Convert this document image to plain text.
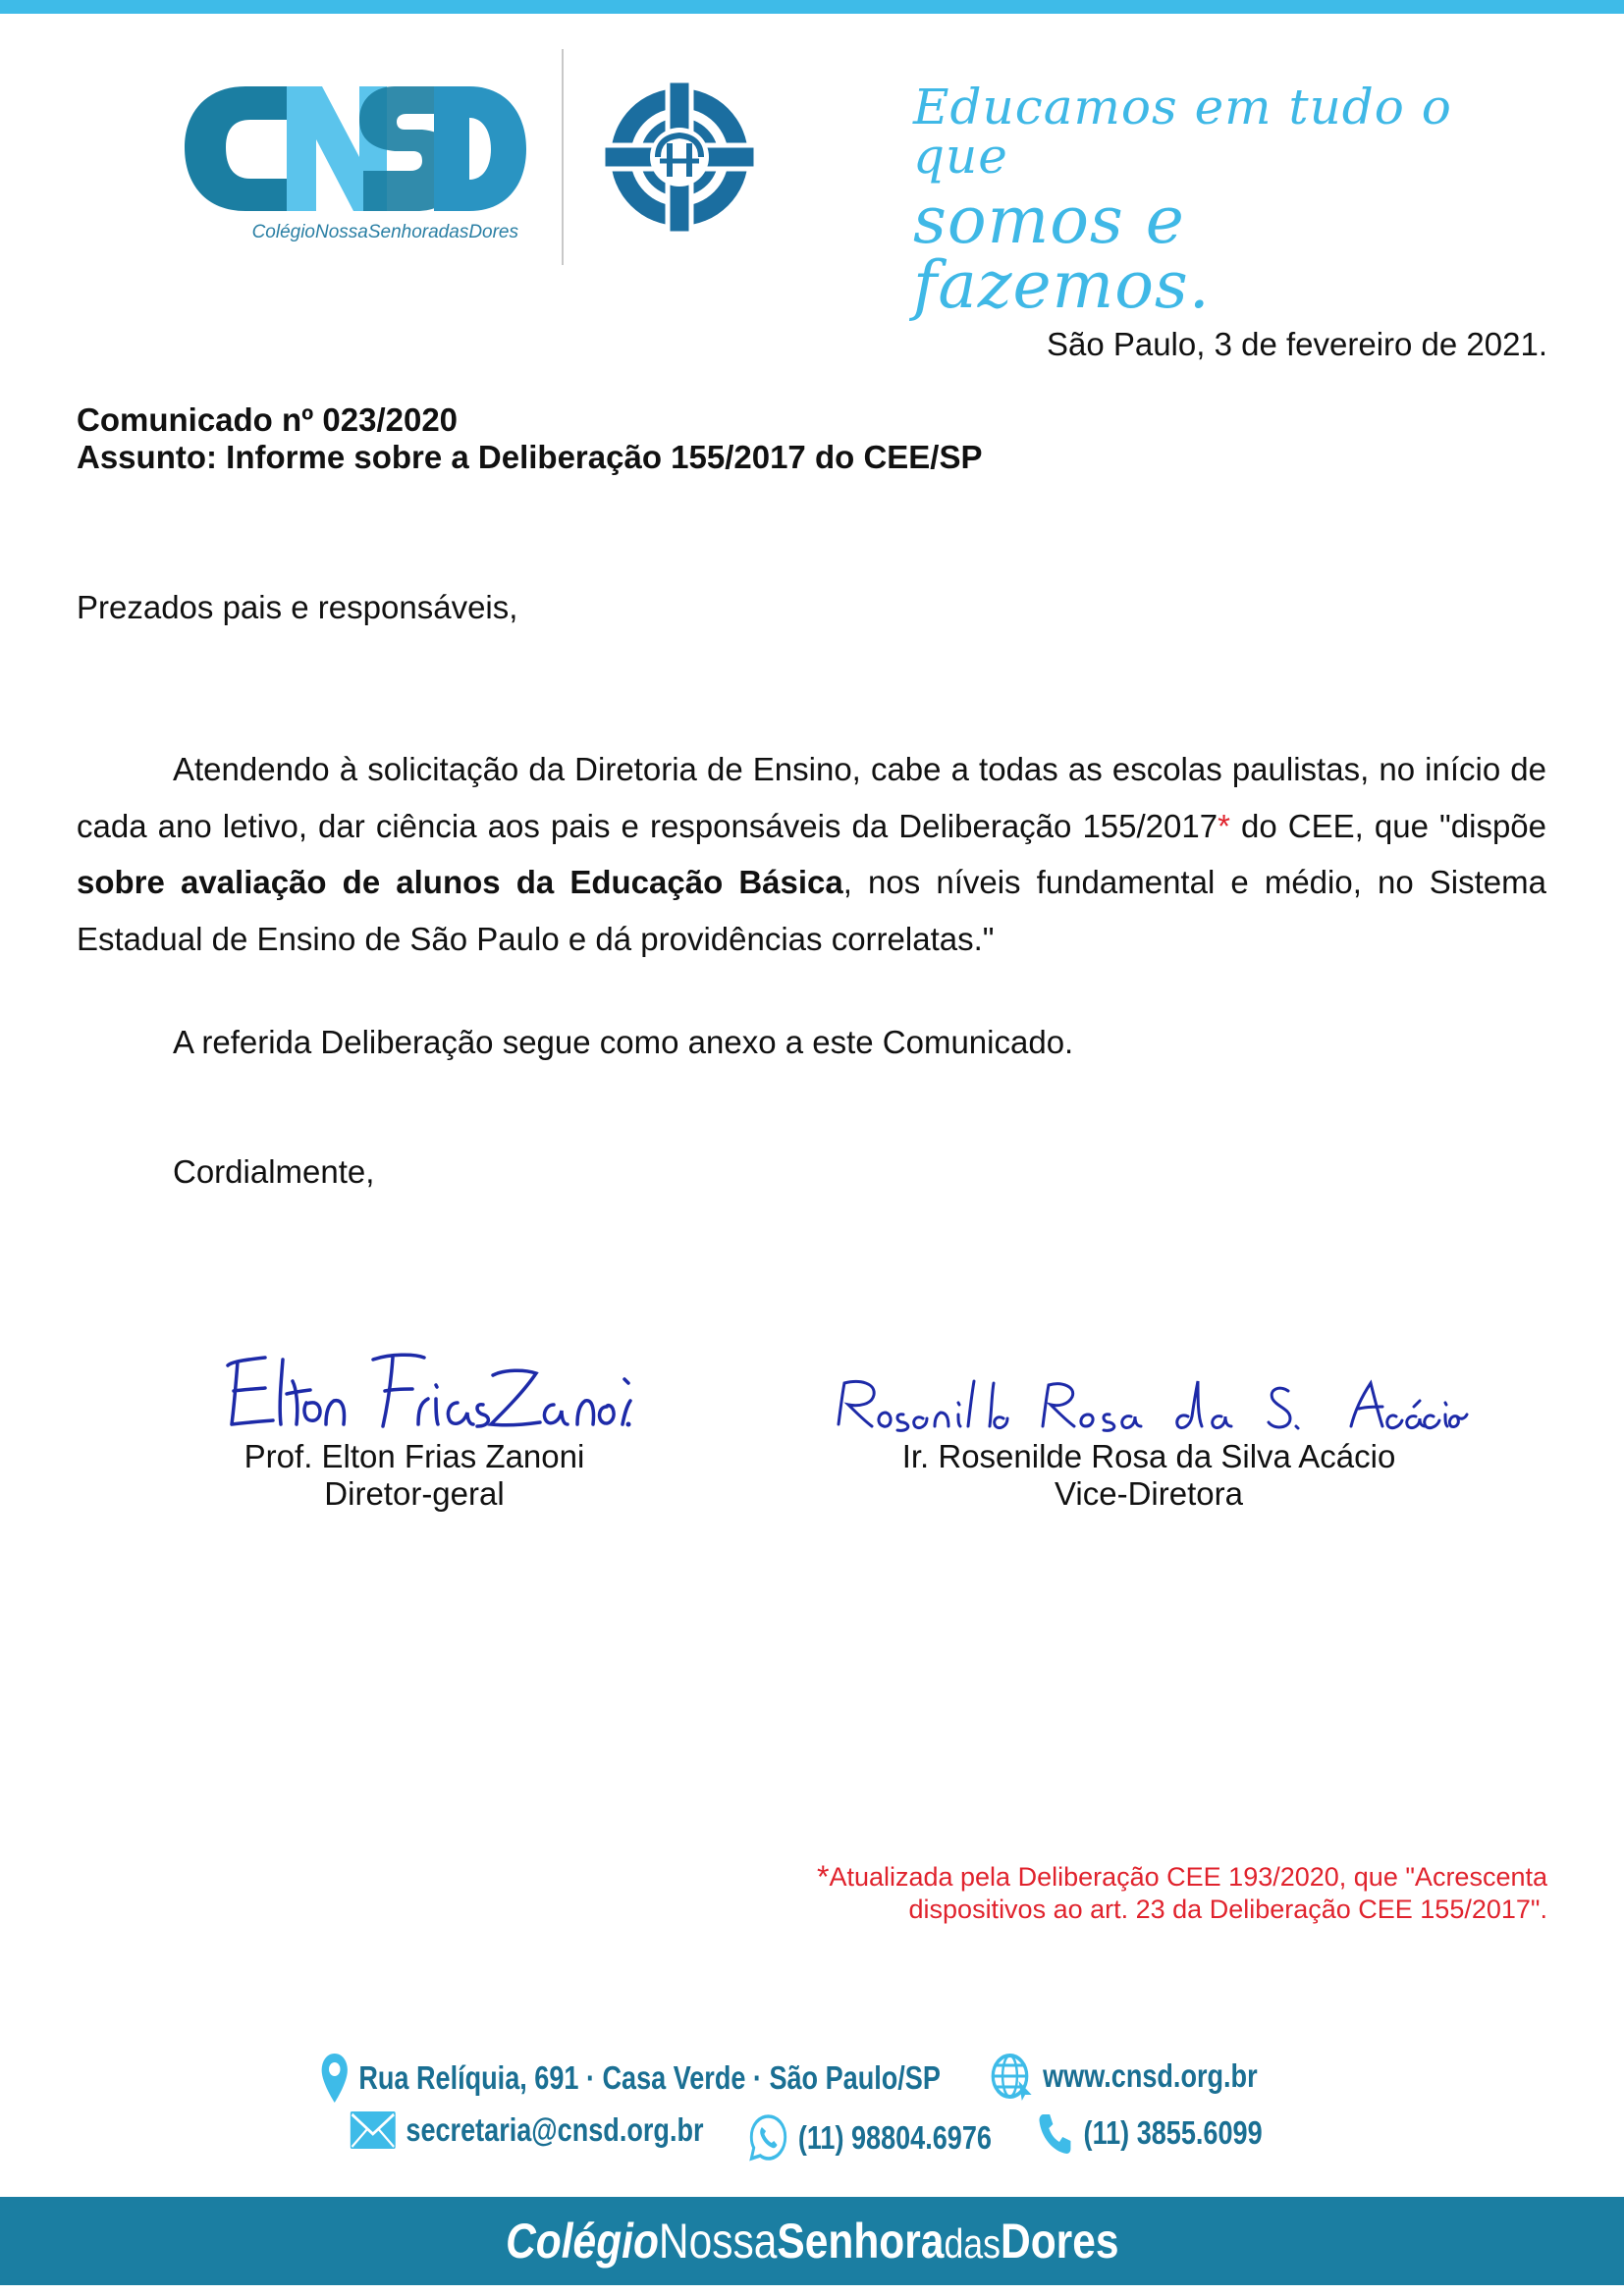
ColégioNossaSenhoradasDores
Educamos em tudo o que
somos e fazemos.
São Paulo, 3 de fevereiro de 2021.
Comunicado nº 023/2020
Assunto: Informe sobre a Deliberação 155/2017 do CEE/SP
Prezados pais e responsáveis,
Atendendo à solicitação da Diretoria de Ensino, cabe a todas as escolas paulistas, no início de cada ano letivo, dar ciência aos pais e responsáveis da Deliberação 155/2017* do CEE, que "dispõe sobre avaliação de alunos da Educação Básica, nos níveis fundamental e médio, no Sistema Estadual de Ensino de São Paulo e dá providências correlatas."
A referida Deliberação segue como anexo a este Comunicado.
Cordialmente,
Prof. Elton Frias Zanoni
Diretor-geral
Ir. Rosenilde Rosa da Silva Acácio
Vice-Diretora
*Atualizada pela Deliberação CEE 193/2020, que "Acrescenta
dispositivos ao art. 23 da Deliberação CEE 155/2017".
Rua Relíquia, 691 · Casa Verde · São Paulo/SP	www.cnsd.org.br
secretaria@cnsd.org.br	(11) 98804.6976	(11) 3855.6099
ColégioNossaSenhoradasDores
